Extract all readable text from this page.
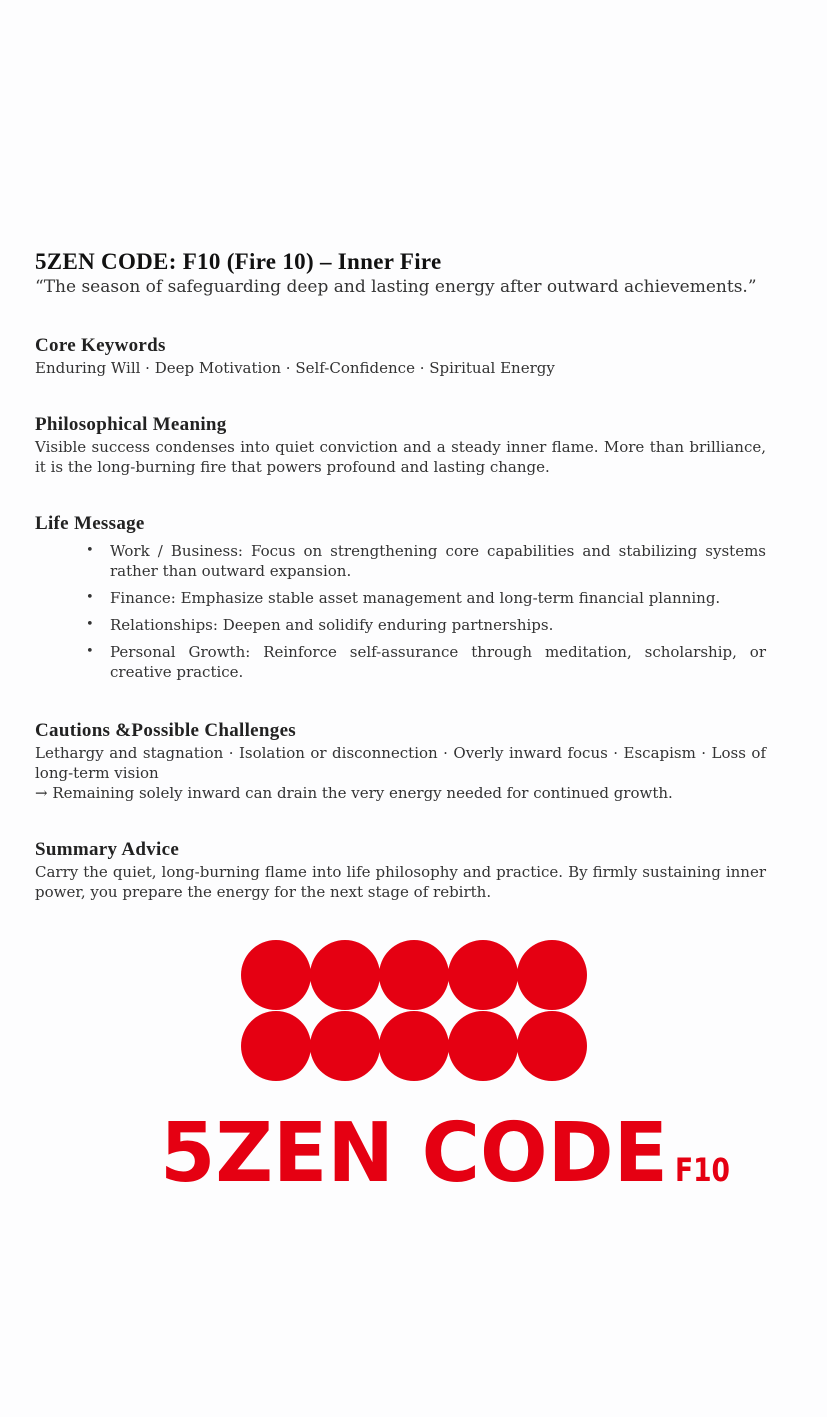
5ZEN CODE: F10 (Fire 10) – Inner Fire

“The season of safeguarding deep and lasting energy after outward achievements.”

Core Keywords

Enduring Will · Deep Motivation · Self-Confidence · Spiritual Energy

Philosophical Meaning

Visible success condenses into quiet conviction and a steady inner flame. More than brilliance, it is the long-burning fire that powers profound and lasting change.

Life Message
• Work / Business: Focus on strengthening core capabilities and stabilizing systems rather than outward expansion.
• Finance: Emphasize stable asset management and long-term financial planning.
• Relationships: Deepen and solidify enduring partnerships.
• Personal Growth: Reinforce self-assurance through meditation, scholarship, or creative practice.
Cautions &Possible Challenges

Lethargy and stagnation · Isolation or disconnection · Overly inward focus · Escapism · Loss of long-term vision

→ Remaining solely inward can drain the very energy needed for continued growth.

Summary Advice

Carry the quiet, long-burning flame into life philosophy and practice. By firmly sustaining inner power, you prepare the energy for the next stage of rebirth.

5ZEN CODE F10
